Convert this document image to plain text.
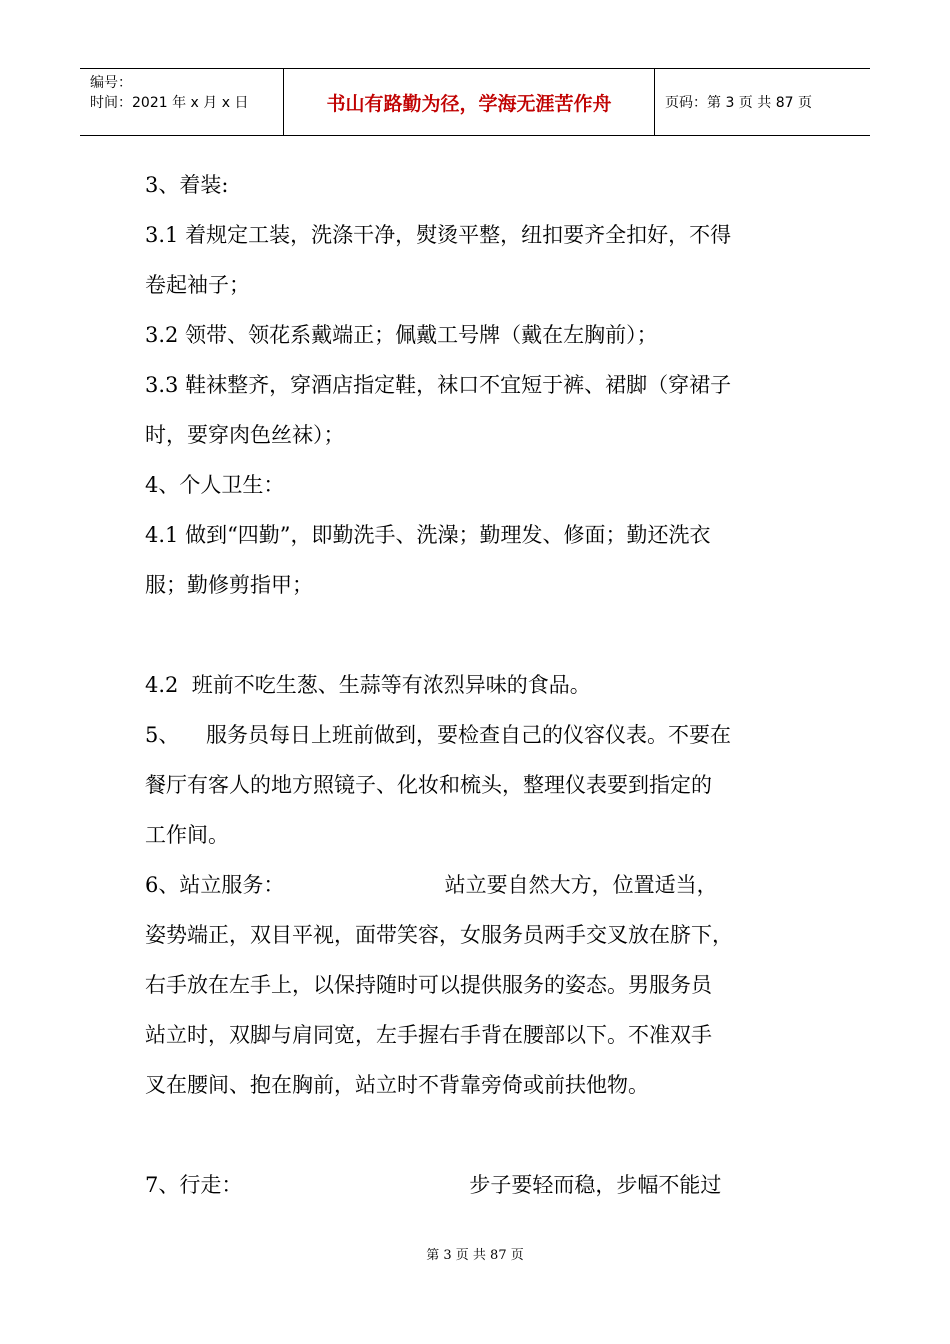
编号：
时间：2021 年 x 月 x 日	书山有路勤为径，学海无涯苦作舟	页码：第 3 页 共 87 页
3、着装:
3.1 着规定工装，洗涤干净，熨烫平整，纽扣要齐全扣好，不得
卷起袖子；
3.2 领带、领花系戴端正；佩戴工号牌（戴在左胸前）；
3.3 鞋袜整齐，穿酒店指定鞋，袜口不宜短于裤、裙脚（穿裙子
时，要穿肉色丝袜）；
4、个人卫生：
4.1 做到“四勤”，即勤洗手、洗澡；勤理发、修面；勤还洗衣
服；勤修剪指甲；
4.2  班前不吃生葱、生蒜等有浓烈异味的食品。
5、    服务员每日上班前做到，要检查自己的仪容仪表。不要在
餐厅有客人的地方照镜子、化妆和梳头，整理仪表要到指定的
工作间。
6、站立服务：                        站立要自然大方，位置适当，
姿势端正，双目平视，面带笑容，女服务员两手交叉放在脐下，
右手放在左手上，以保持随时可以提供服务的姿态。男服务员
站立时，双脚与肩同宽，左手握右手背在腰部以下。不准双手
叉在腰间、抱在胸前，站立时不背靠旁倚或前扶他物。
7、行走：                                  步子要轻而稳，步幅不能过
第 3 页 共 87 页
